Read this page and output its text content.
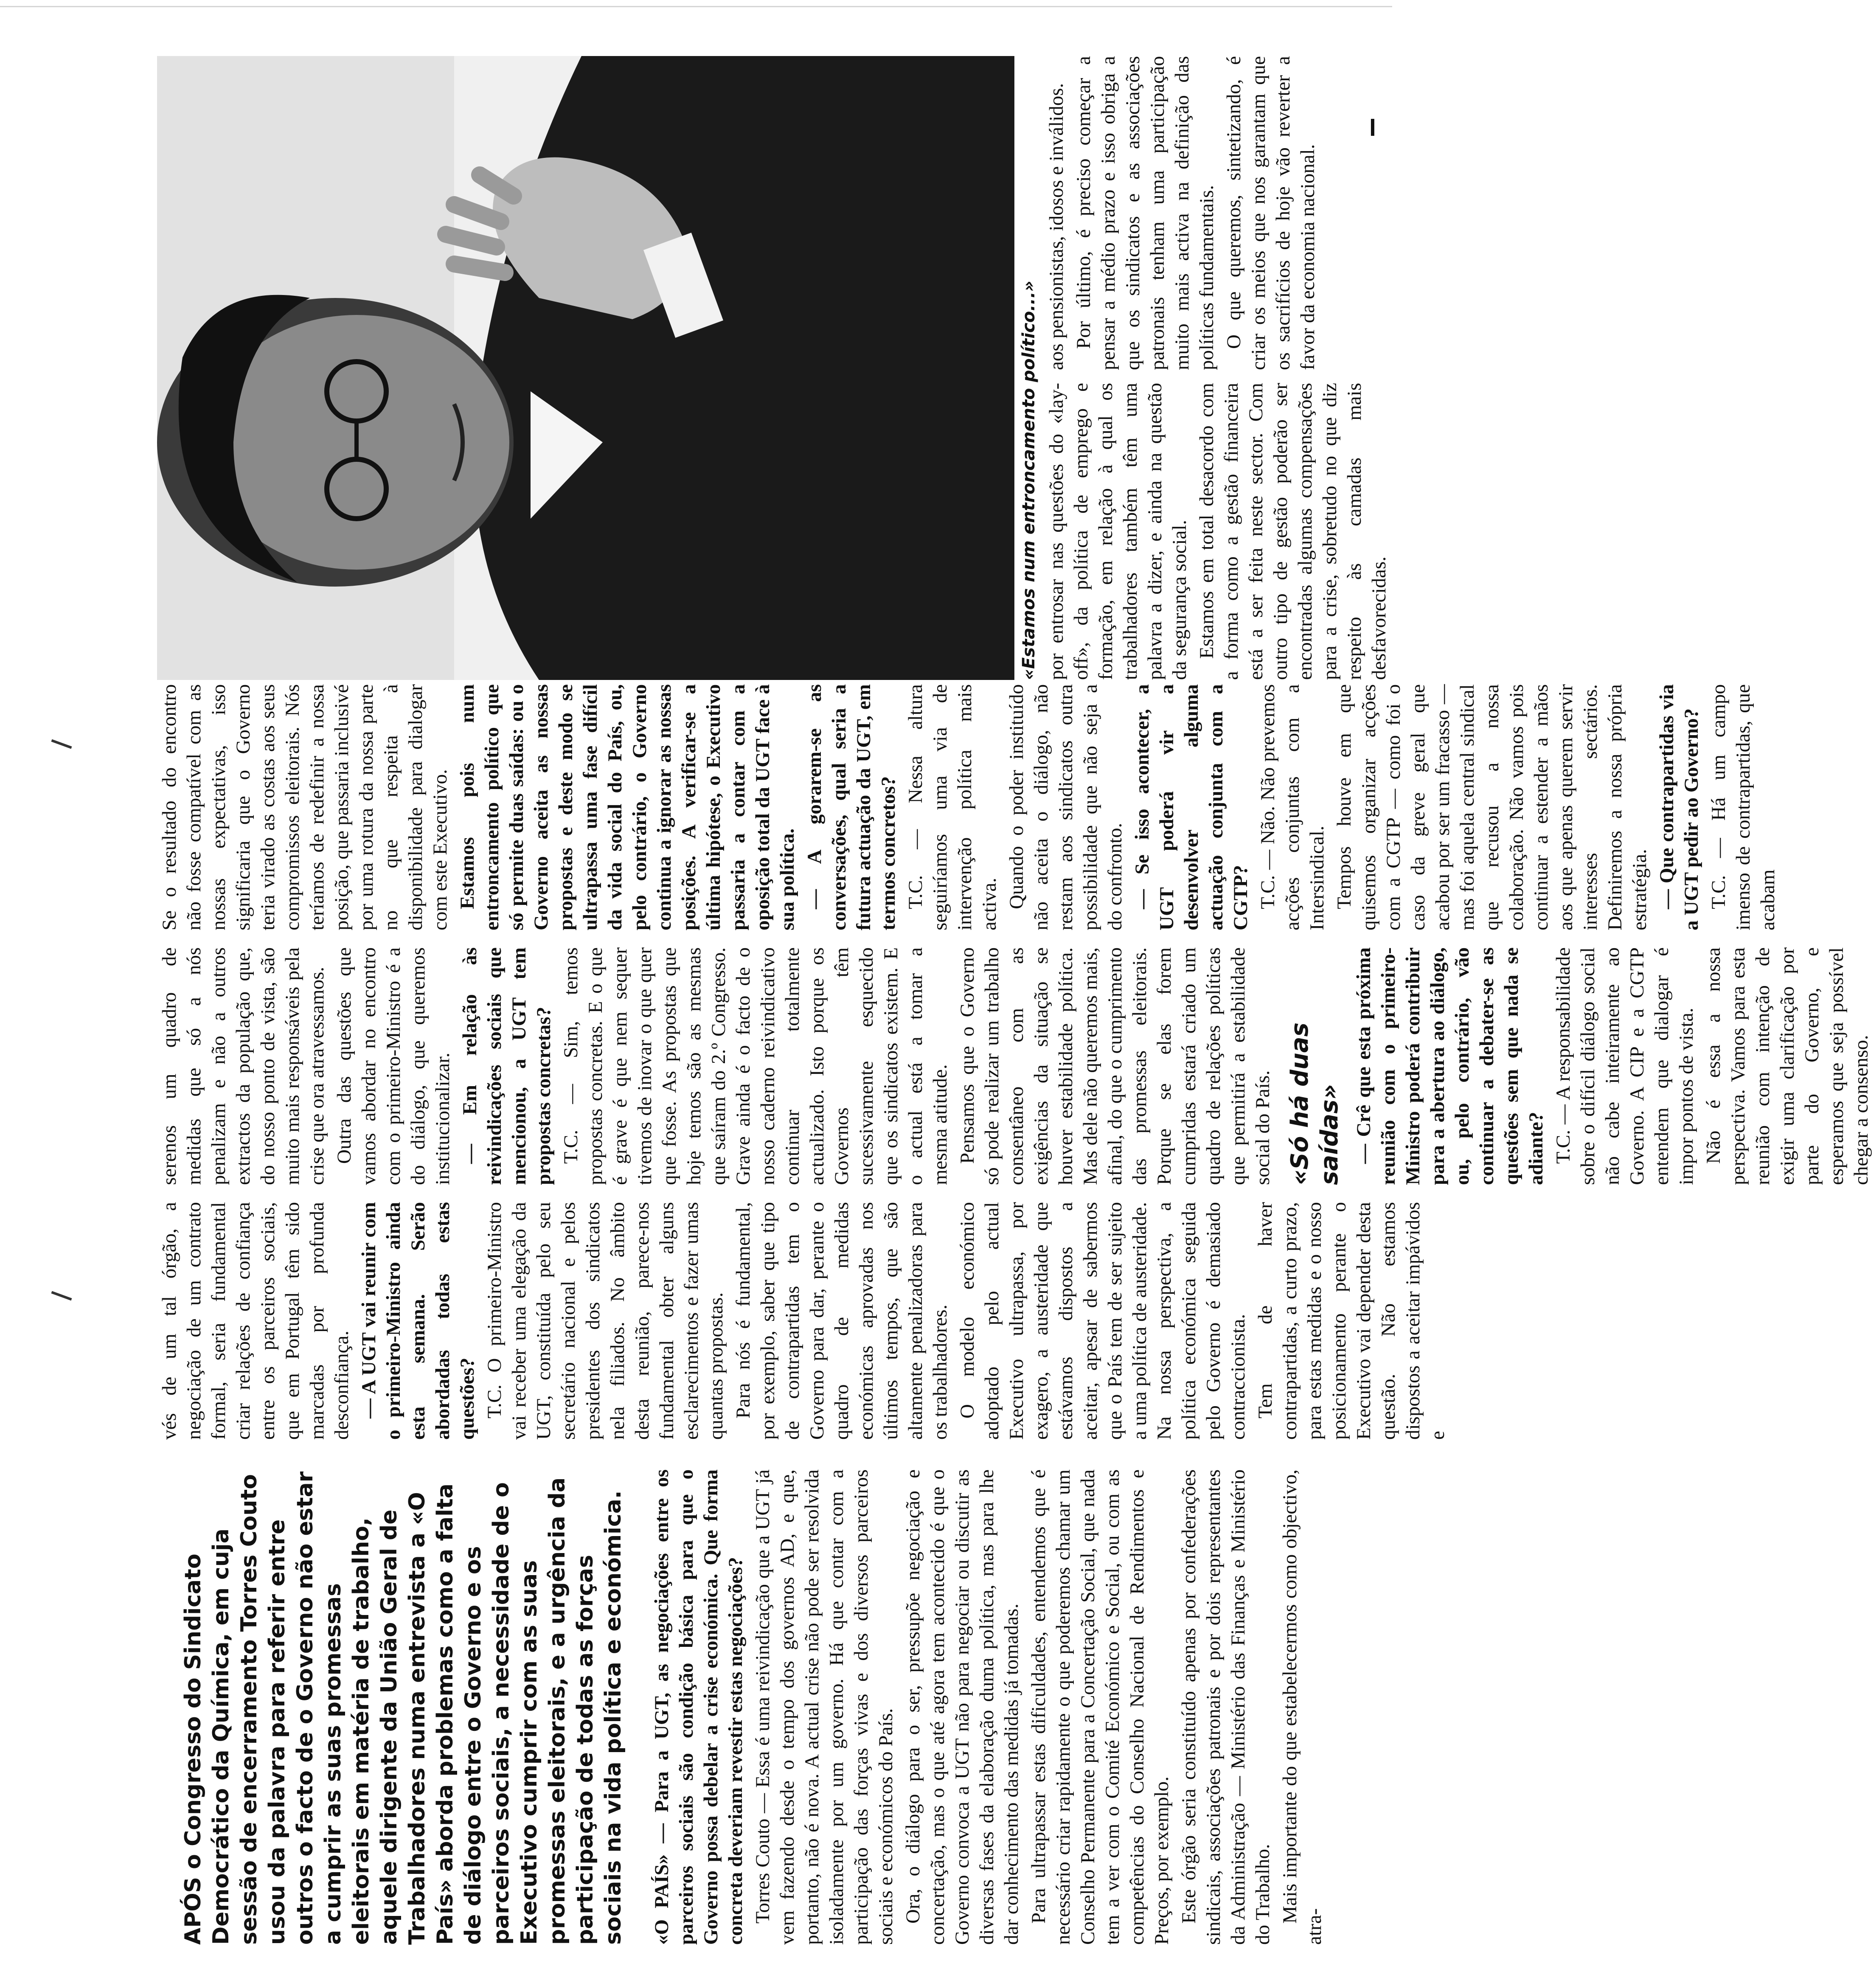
APÓS o Congresso do Sindicato Democrático da Química, em cuja sessão de encerramento Torres Couto usou da palavra para referir entre outros o facto de o Governo não estar a cumprir as suas promessas eleitorais em matéria de trabalho, aquele dirigente da União Geral de Trabalhadores numa entrevista a «O País» aborda problemas como a falta de diálogo entre o Governo e os parceiros sociais, a necessidade de o Executivo cumprir com as suas promessas eleitorais, e a urgência da participação de todas as forças sociais na vida política e económica. «O PAÍS» — Para a UGT, as negociações entre os parceiros sociais são condição básica para que o Governo possa debelar a crise económica. Que forma concreta deveriam revestir estas negociações? Torres Couto — Essa é uma reivindicação que a UGT já vem fazendo desde o tempo dos governos AD, e que, portanto, não é nova. A actual crise não pode ser resolvida isoladamente por um governo. Há que contar com a participação das forças vivas e dos diversos parceiros sociais e económicos do País. Ora, o diálogo para o ser, pressupõe negociação e concertação, mas o que até agora tem acontecido é que o Governo convoca a UGT não para negociar ou discutir as diversas fases da elaboração duma política, mas para lhe dar conhecimento das medidas já tomadas. Para ultrapassar estas dificuldades, entendemos que é necessário criar rapidamente o que poderemos chamar um Conselho Permanente para a Concertação Social, que nada tem a ver com o Comité Económico e Social, ou com as competências do Conselho Nacional de Rendimentos e Preços, por exemplo. Este órgão seria constituído apenas por confederações sindicais, associações patronais e por dois representantes da Administração — Ministério das Finanças e Ministério do Trabalho. Mais importante do que estabelecermos como objectivo, atra-

vés de um tal órgão, a negociação de um contrato formal, seria fundamental criar relações de confiança entre os parceiros sociais, que em Portugal têm sido marcadas por profunda desconfiança. — A UGT vai reunir com o primeiro-Ministro ainda esta semana. Serão abordadas todas estas questões? T.C. O primeiro-Ministro vai receber uma elegação da UGT, constituída pelo seu secretário nacional e pelos presidentes dos sindicatos nela filiados. No âmbito desta reunião, parece-nos fundamental obter alguns esclarecimentos e fazer umas quantas propostas. Para nós é fundamental, por exemplo, saber que tipo de contrapartidas tem o Governo para dar, perante o quadro de medidas económicas aprovadas nos últimos tempos, que são altamente penalizadoras para os trabalhadores. O modelo económico adoptado pelo actual Executivo ultrapassa, por exagero, a austeridade que estávamos dispostos a aceitar, apesar de sabermos que o País tem de ser sujeito a uma política de austeridade. Na nossa perspectiva, a política económica seguida pelo Governo é demasiado contraccionista. Tem de haver contrapartidas, a curto prazo, para estas medidas e o nosso posicionamento perante o Executivo vai depender desta questão. Não estamos dispostos a aceitar impávidos e

serenos um quadro de medidas que só a nós penalizam e não a outros extractos da população que, do nosso ponto de vista, são muito mais responsáveis pela crise que ora atravessamos. Outra das questões que vamos abordar no encontro com o primeiro-Ministro é a do diálogo, que queremos institucionalizar. — Em relação às reivindicações sociais que mencionou, a UGT tem propostas concretas? T.C. — Sim, temos propostas concretas. E o que é grave é que nem sequer tivemos de inovar o que quer que fosse. As propostas que hoje temos são as mesmas que saíram do 2.º Congresso. Grave ainda é o facto de o nosso caderno reivindicativo continuar totalmente actualizado. Isto porque os Governos têm sucessivamente esquecido que os sindicatos existem. E o actual está a tomar a mesma atitude. Pensamos que o Governo só pode realizar um trabalho consentâneo com as exigências da situação se houver estabilidade política. Mas dele não queremos mais, afinal, do que o cumprimento das promessas eleitorais. Porque se elas forem cumpridas estará criado um quadro de relações políticas que permitirá a estabilidade social do País. «Só há duas saídas» — Crê que esta próxima reunião com o primeiro-Ministro poderá contribuir para a abertura ao diálogo, ou, pelo contrário, vão continuar a debater-se as questões sem que nada se adiante? T.C. — A responsabilidade sobre o difícil diálogo social não cabe inteiramente ao Governo. A CIP e a CGTP entendem que dialogar é impor pontos de vista. Não é essa a nossa perspectiva. Vamos para esta reunião com intenção de exigir uma clarificação por parte do Governo, e esperamos que seja possível chegar a consenso.

Se o resultado do encontro não fosse compatível com as nossas expectativas, isso significaria que o Governo teria virado as costas aos seus compromissos eleitorais. Nós teríamos de redefinir a nossa posição, que passaria inclusivé por uma rotura da nossa parte no que respeita à disponibilidade para dialogar com este Executivo. Estamos pois num entroncamento político que só permite duas saídas: ou o Governo aceita as nossas propostas e deste modo se ultrapassa uma fase difícil da vida social do País, ou, pelo contrário, o Governo continua a ignorar as nossas posições. A verificar-se a última hipótese, o Executivo passaria a contar com a oposição total da UGT face à sua política. — A gorarem-se as conversações, qual seria a futura actuação da UGT, em termos concretos? T.C. — Nessa altura seguiríamos uma via de intervenção política mais activa. Quando o poder instituído não aceita o diálogo, não restam aos sindicatos outra possibilidade que não seja a do confronto. — Se isso acontecer, a UGT poderá vir a desenvolver alguma actuação conjunta com a CGTP? T.C. — Não. Não prevemos acções conjuntas com a Intersindical. Tempos houve em que quisemos organizar acções com a CGTP — como foi o caso da greve geral que acabou por ser um fracasso — mas foi aquela central sindical que recusou a nossa colaboração. Não vamos pois continuar a estender a mãos aos que apenas querem servir interesses sectários. Definiremos a nossa própria estratégia. — Que contrapartidas via a UGT pedir ao Governo? T.C. — Há um campo imenso de contrapartidas, que acabam

«Estamos num entroncamento político...» por entrosar nas questões do «lay-off», da política de emprego e formação, em relação à qual os trabalhadores também têm uma palavra a dizer, e ainda na questão da segurança social. Estamos em total desacordo com a forma como a gestão financeira está a ser feita neste sector. Com outro tipo de gestão poderão ser encontradas algumas compensações para a crise, sobretudo no que diz respeito às camadas mais desfavorecidas.

aos pensionistas, idosos e inválidos. Por último, é preciso começar a pensar a médio prazo e isso obriga a que os sindicatos e as associações patronais tenham uma participação muito mais activa na definição das políticas fundamentais. O que queremos, sintetizando, é criar os meios que nos garantam que os sacrifícios de hoje vão reverter a favor da economia nacional.
